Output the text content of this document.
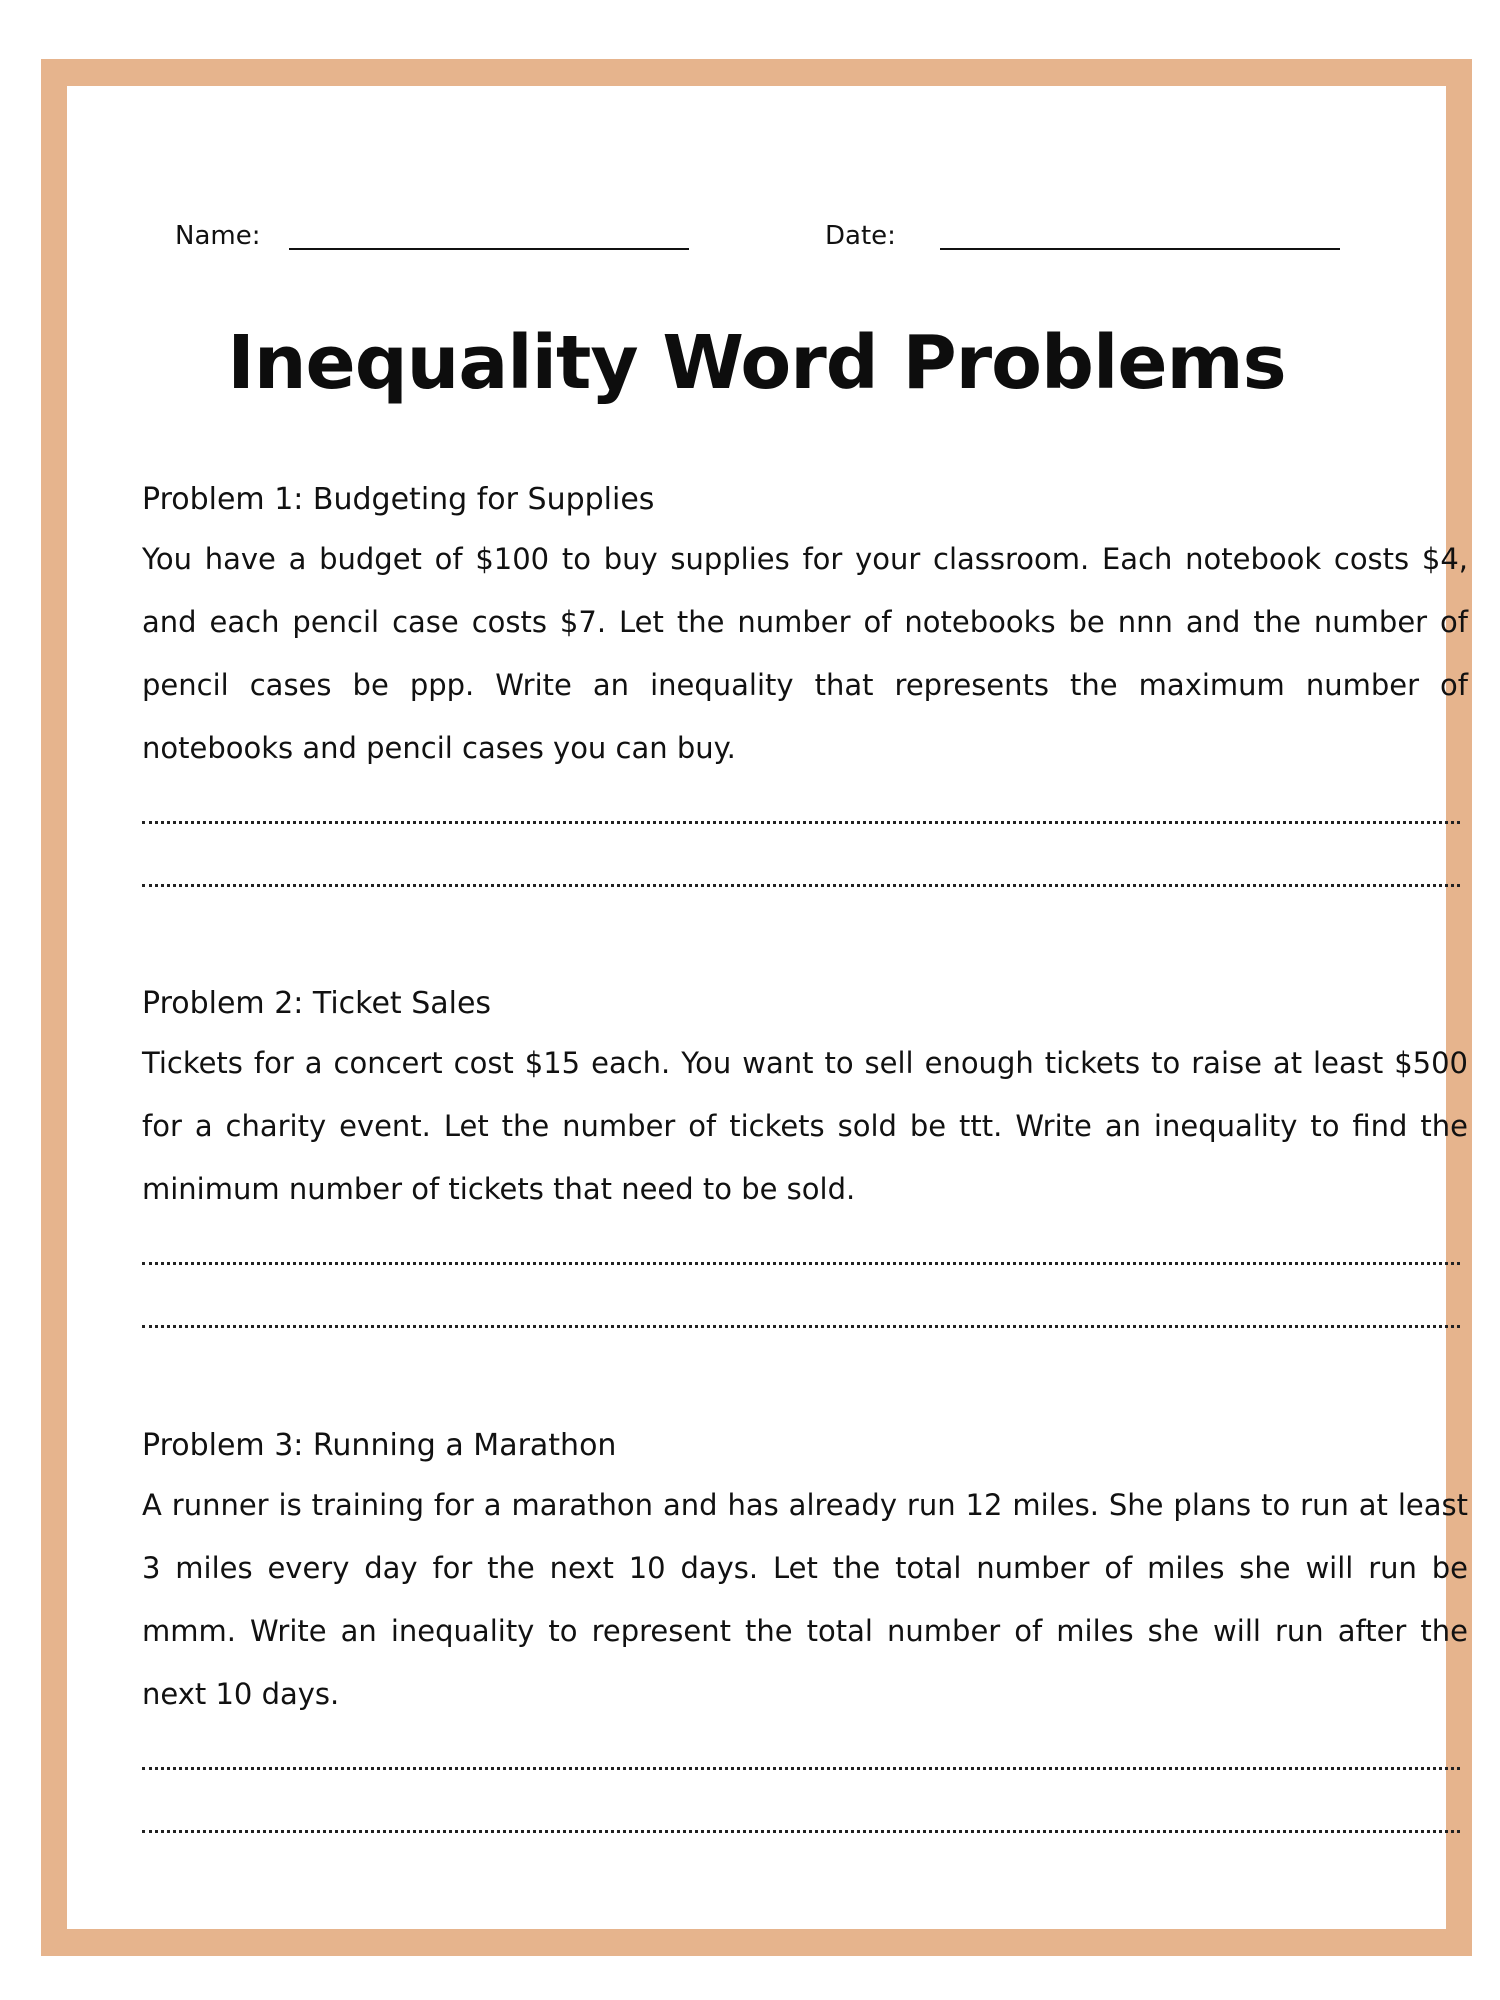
Name:	Date:
Inequality Word Problems

Problem 1: Budgeting for Supplies

You have a budget of $100 to buy supplies for your classroom. Each notebook costs $4, and each pencil case costs $7. Let the number of notebooks be nnn and the number of pencil cases be ppp. Write an inequality that represents the maximum number of notebooks and pencil cases you can buy.

Problem 2: Ticket Sales

Tickets for a concert cost $15 each. You want to sell enough tickets to raise at least $500 for a charity event. Let the number of tickets sold be ttt. Write an inequality to find the minimum number of tickets that need to be sold.

Problem 3: Running a Marathon

A runner is training for a marathon and has already run 12 miles. She plans to run at least 3 miles every day for the next 10 days. Let the total number of miles she will run be mmm. Write an inequality to represent the total number of miles she will run after the next 10 days.
